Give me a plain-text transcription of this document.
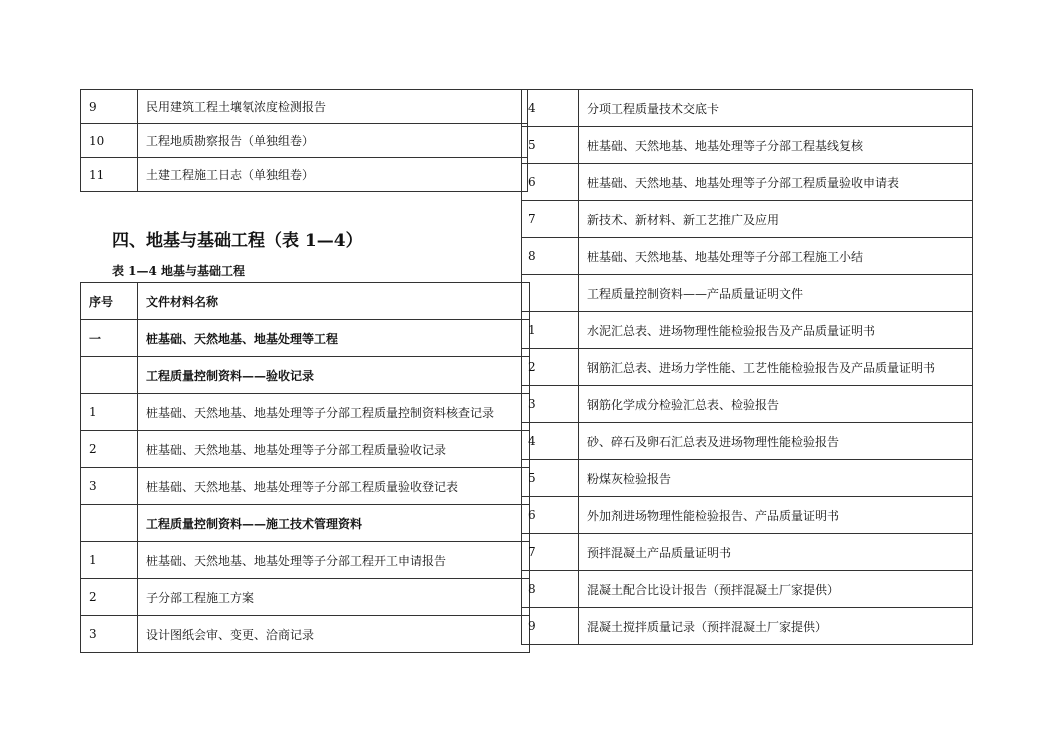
9	民用建筑工程土壤氡浓度检测报告
10	工程地质勘察报告（单独组卷）
11	土建工程施工日志（单独组卷）
四、地基与基础工程（表 1—4）
表 1—4 地基与基础工程
序号	文件材料名称
一	桩基础、天然地基、地基处理等工程
	工程质量控制资料——验收记录
1	桩基础、天然地基、地基处理等子分部工程质量控制资料核查记录
2	桩基础、天然地基、地基处理等子分部工程质量验收记录
3	桩基础、天然地基、地基处理等子分部工程质量验收登记表
	工程质量控制资料——施工技术管理资料
1	桩基础、天然地基、地基处理等子分部工程开工申请报告
2	子分部工程施工方案
3	设计图纸会审、变更、洽商记录
4	分项工程质量技术交底卡
5	桩基础、天然地基、地基处理等子分部工程基线复核
6	桩基础、天然地基、地基处理等子分部工程质量验收申请表
7	新技术、新材料、新工艺推广及应用
8	桩基础、天然地基、地基处理等子分部工程施工小结
	工程质量控制资料——产品质量证明文件
1	水泥汇总表、进场物理性能检验报告及产品质量证明书
2	钢筋汇总表、进场力学性能、工艺性能检验报告及产品质量证明书
3	钢筋化学成分检验汇总表、检验报告
4	砂、碎石及卵石汇总表及进场物理性能检验报告
5	粉煤灰检验报告
6	外加剂进场物理性能检验报告、产品质量证明书
7	预拌混凝土产品质量证明书
8	混凝土配合比设计报告（预拌混凝土厂家提供）
9	混凝土搅拌质量记录（预拌混凝土厂家提供）
